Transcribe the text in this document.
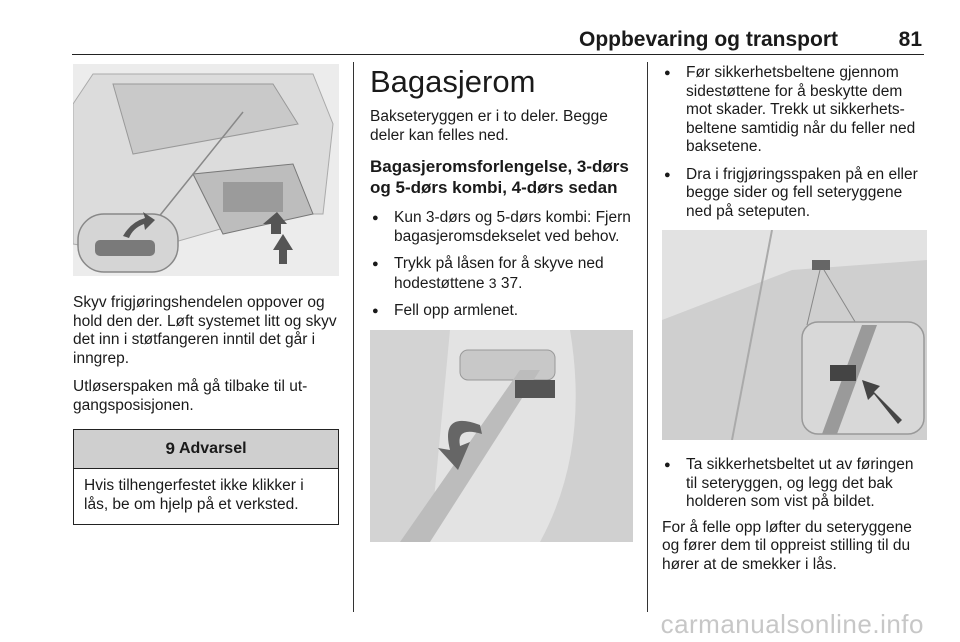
Oppbevaring og transport	81

Skyv frigjøringshendelen oppover og hold den der. Løft systemet litt og skyv det inn i støtfangeren inntil det går i inngrep.

Utløserspaken må gå tilbake til ut-gangsposisjonen.

9 Advarsel

Hvis tilhengerfestet ikke klikker i lås, be om hjelp på et verksted.

Bagasjerom

Bakseteryggen er i to deler. Begge deler kan felles ned.

Bagasjeromsforlengelse, 3-dørs og 5-dørs kombi, 4-dørs sedan
● Kun 3-dørs og 5-dørs kombi: Fjern bagasjeromsdekselet ved behov.
● Trykk på låsen for å skyve ned hodestøttene 3 37.
● Fell opp armlenet.
● Før sikkerhetsbeltene gjennom sidestøttene for å beskytte dem mot skader. Trekk ut sikkerhets-beltene samtidig når du feller ned baksetene.
● Dra i frigjøringsspaken på en eller begge sider og fell seteryggene ned på seteputen.
● Ta sikkerhetsbeltet ut av føringen til seteryggen, og legg det bak holderen som vist på bildet.

For å felle opp løfter du seteryggene og fører dem til oppreist stilling til du hører at de smekker i lås.

carmanualsonline.info
